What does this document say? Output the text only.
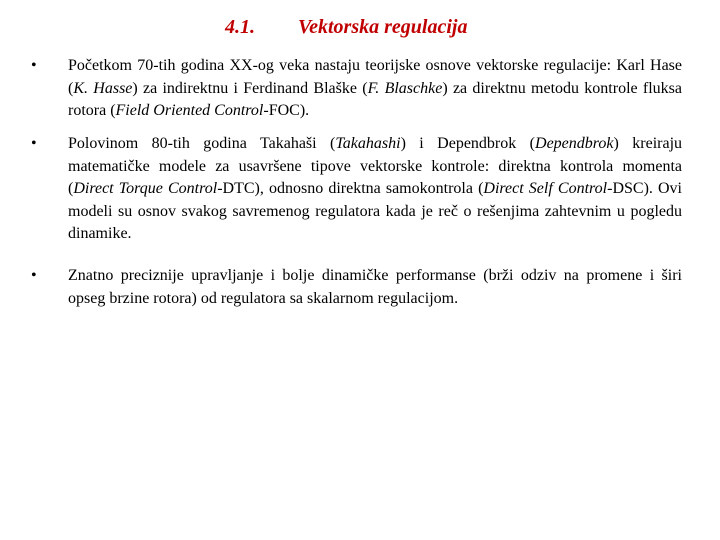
4.1. Vektorska regulacija
• Početkom 70-tih godina XX-og veka nastaju teorijske osnove vektorske regulacije: Karl Hase (K. Hasse) za indirektnu i Ferdinand Blaške (F. Blaschke) za direktnu metodu kontrole fluksa rotora (Field Oriented Control-FOC).
• Polovinom 80-tih godina Takahaši (Takahashi) i Dependbrok (Dependbrok) kreiraju matematičke modele za usavršene tipove vektorske kontrole: direktna kontrola momenta (Direct Torque Control-DTC), odnosno direktna samokontrola (Direct Self Control-DSC). Ovi modeli su osnov svakog savremenog regulatora kada je reč o rešenjima zahtevnim u pogledu dinamike.
• Znatno preciznije upravljanje i bolje dinamičke performanse (brži odziv na promene i širi opseg brzine rotora) od regulatora sa skalarnom regulacijom.
